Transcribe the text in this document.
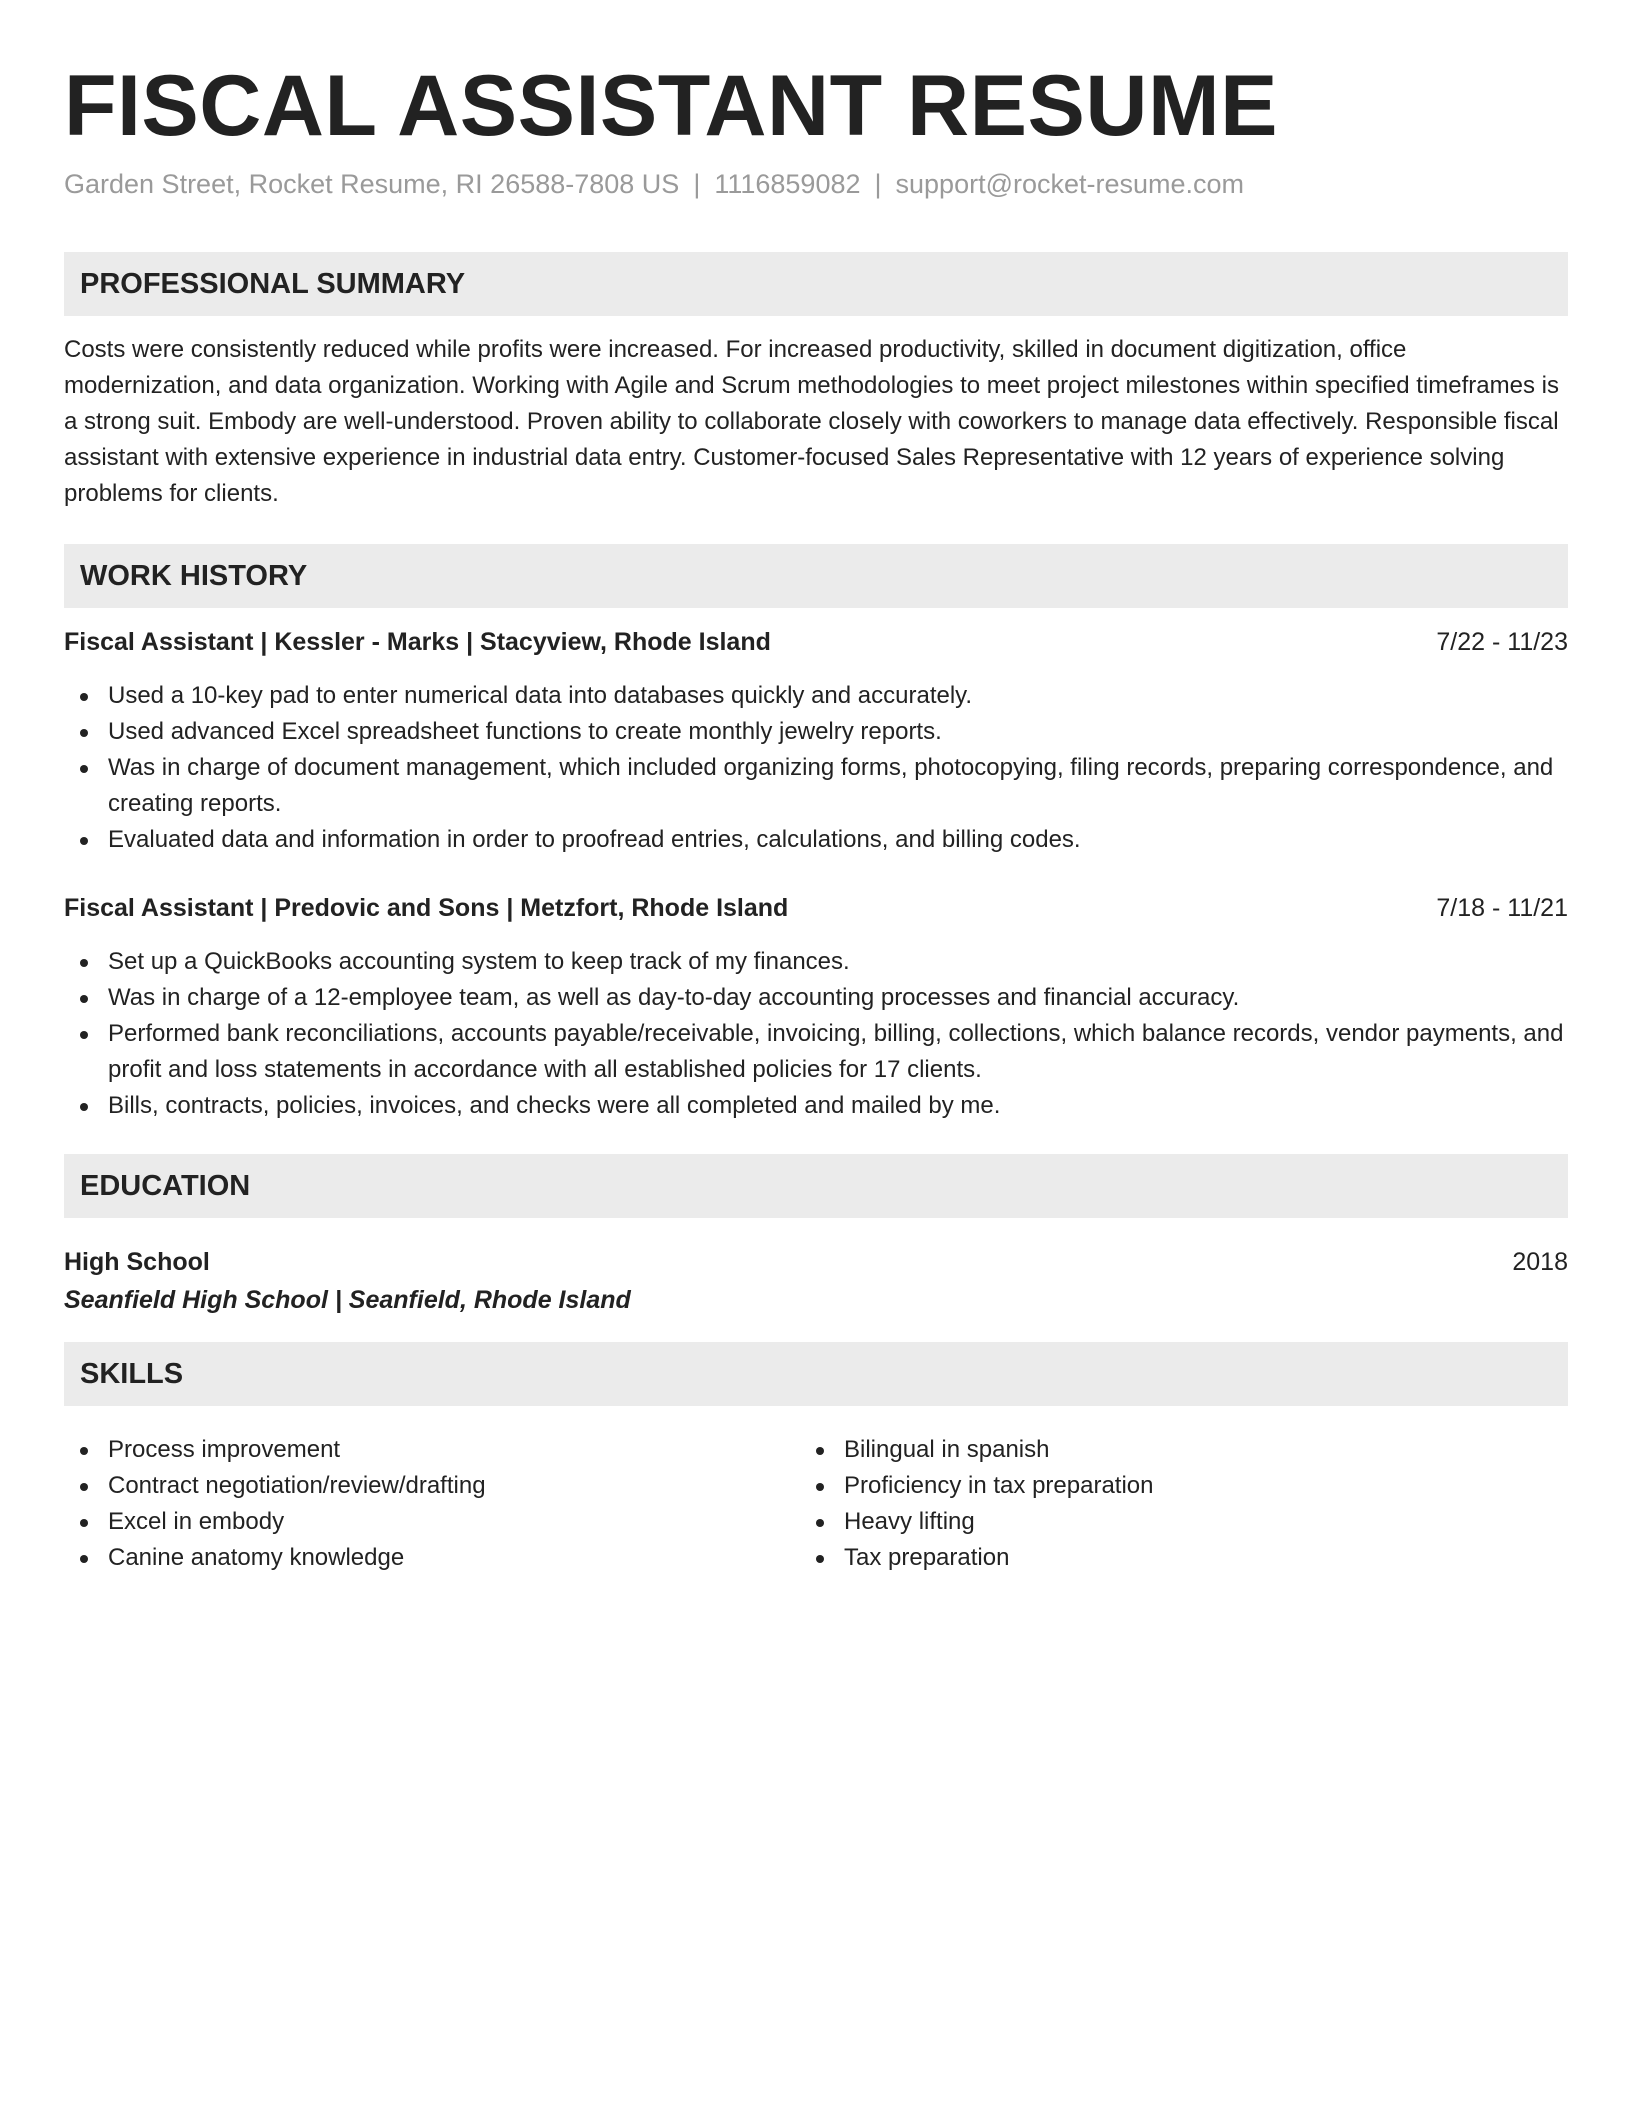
FISCAL ASSISTANT RESUME
Garden Street, Rocket Resume, RI 26588-7808 US | 1116859082 | support@rocket-resume.com
PROFESSIONAL SUMMARY
Costs were consistently reduced while profits were increased. For increased productivity, skilled in document digitization, office modernization, and data organization. Working with Agile and Scrum methodologies to meet project milestones within specified timeframes is a strong suit. Embody are well-understood. Proven ability to collaborate closely with coworkers to manage data effectively. Responsible fiscal assistant with extensive experience in industrial data entry. Customer-focused Sales Representative with 12 years of experience solving problems for clients.
WORK HISTORY
Fiscal Assistant | Kessler - Marks | Stacyview, Rhode Island	7/22 - 11/23
Used a 10-key pad to enter numerical data into databases quickly and accurately.
Used advanced Excel spreadsheet functions to create monthly jewelry reports.
Was in charge of document management, which included organizing forms, photocopying, filing records, preparing correspondence, and creating reports.
Evaluated data and information in order to proofread entries, calculations, and billing codes.
Fiscal Assistant | Predovic and Sons | Metzfort, Rhode Island	7/18 - 11/21
Set up a QuickBooks accounting system to keep track of my finances.
Was in charge of a 12-employee team, as well as day-to-day accounting processes and financial accuracy.
Performed bank reconciliations, accounts payable/receivable, invoicing, billing, collections, which balance records, vendor payments, and profit and loss statements in accordance with all established policies for 17 clients.
Bills, contracts, policies, invoices, and checks were all completed and mailed by me.
EDUCATION
High School	2018
Seanfield High School | Seanfield, Rhode Island
SKILLS
Process improvement
Contract negotiation/review/drafting
Excel in embody
Canine anatomy knowledge
Bilingual in spanish
Proficiency in tax preparation
Heavy lifting
Tax preparation
